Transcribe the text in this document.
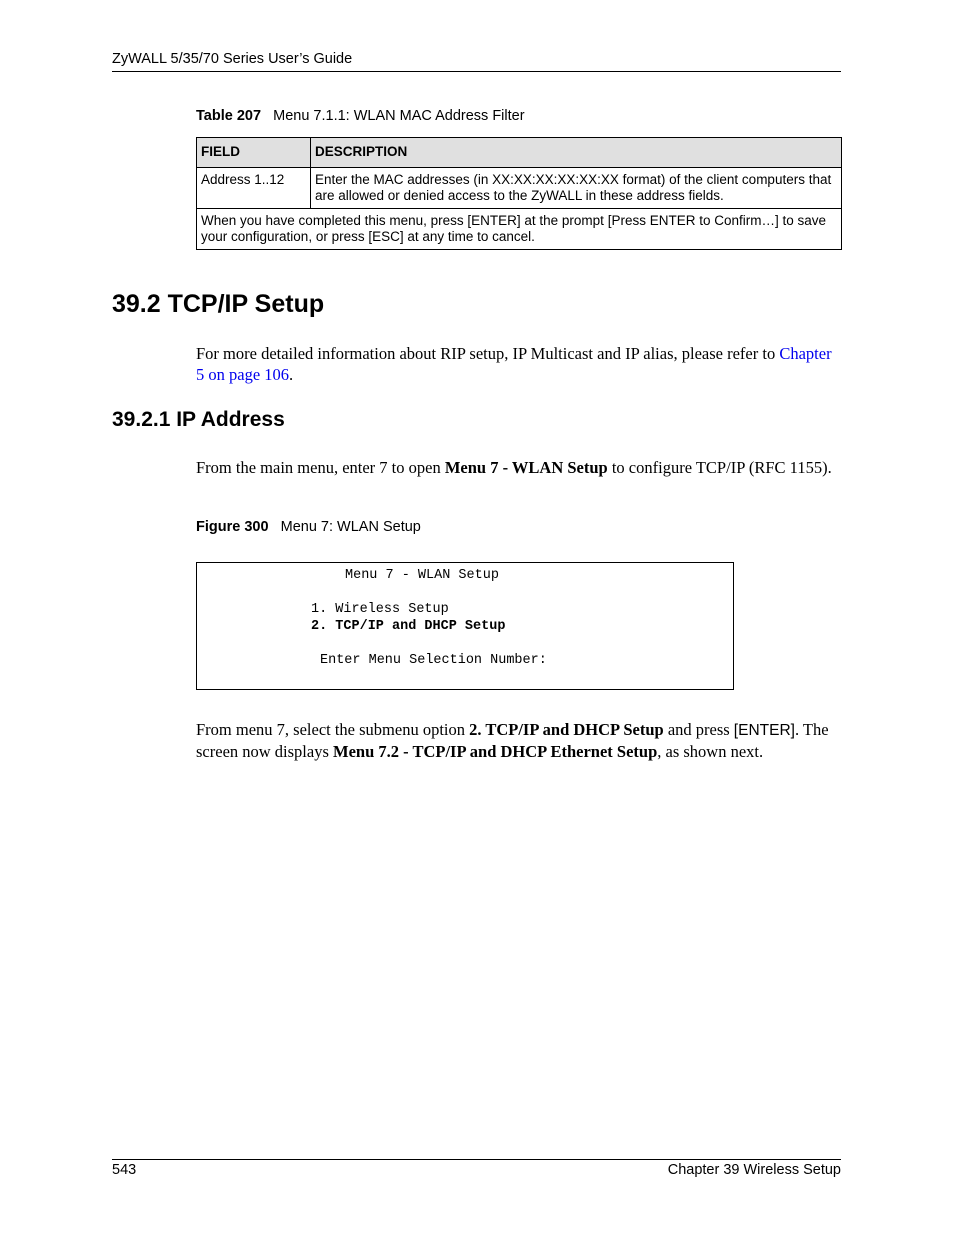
ZyWALL 5/35/70 Series User’s Guide
Table 207 Menu 7.1.1: WLAN MAC Address Filter
FIELD	DESCRIPTION
Address 1..12	Enter the MAC addresses (in XX:XX:XX:XX:XX:XX format) of the client computers that are allowed or denied access to the ZyWALL in these address fields.
When you have completed this menu, press [ENTER] at the prompt [Press ENTER to Confirm…] to save your configuration, or press [ESC] at any time to cancel.	
39.2 TCP/IP Setup

For more detailed information about RIP setup, IP Multicast and IP alias, please refer to Chapter 5 on page 106.

39.2.1 IP Address

From the main menu, enter 7 to open Menu 7 - WLAN Setup to configure TCP/IP (RFC 1155).

Figure 300 Menu 7: WLAN Setup
Menu 7 - WLAN Setup
1. Wireless Setup
2. TCP/IP and DHCP Setup
Enter Menu Selection Number:

From menu 7, select the submenu option 2. TCP/IP and DHCP Setup and press [ENTER]. The screen now displays Menu 7.2 - TCP/IP and DHCP Ethernet Setup, as shown next.

543	Chapter 39 Wireless Setup
